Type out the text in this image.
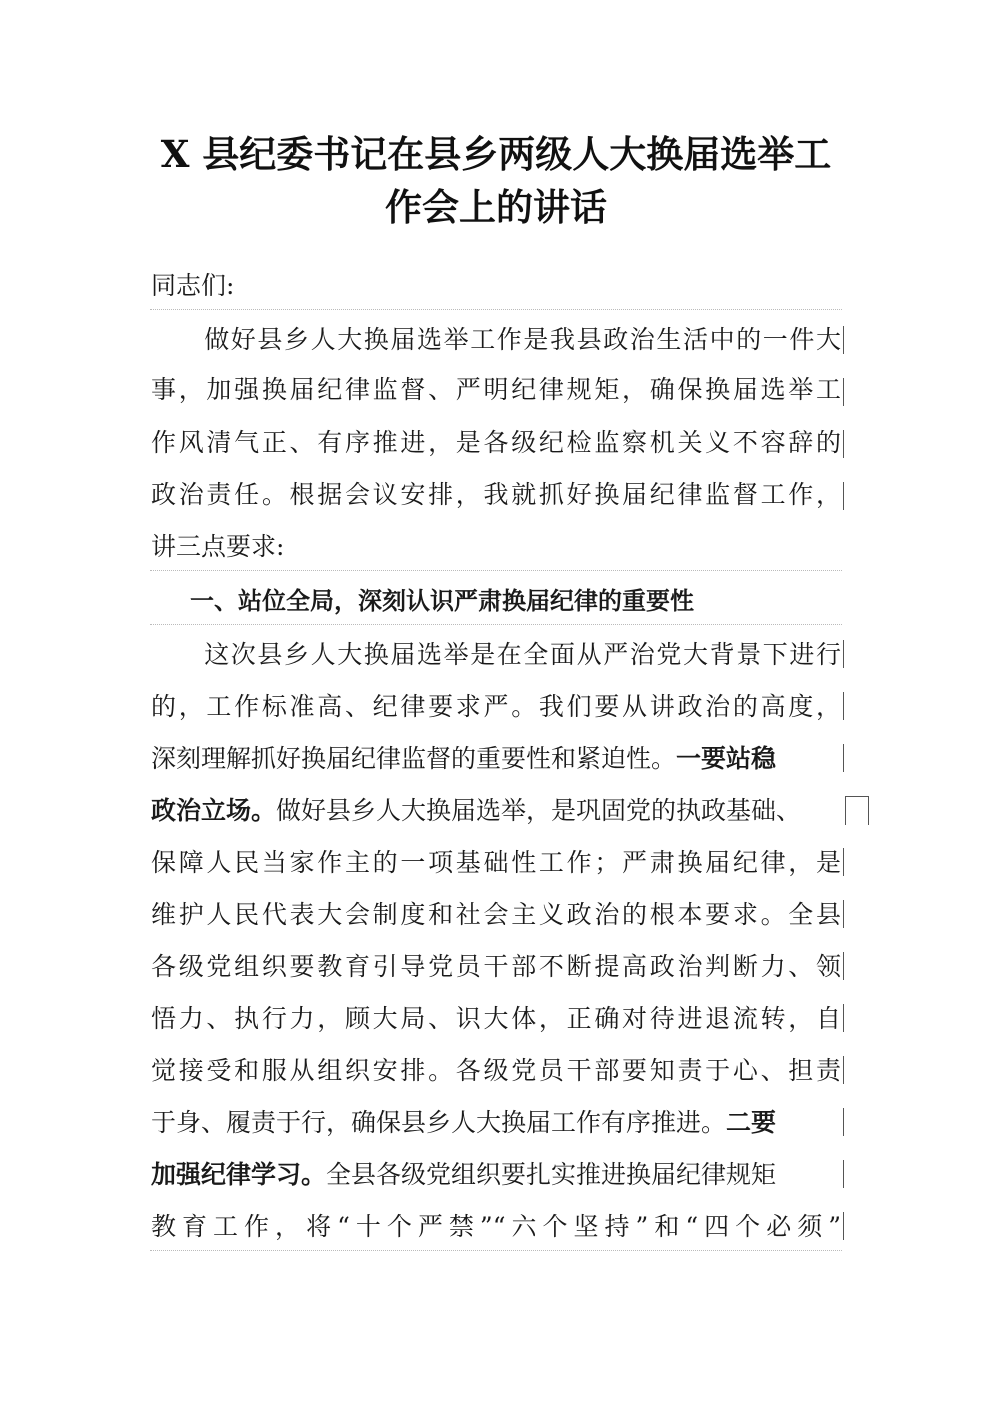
X 县纪委书记在县乡两级人大换届选举工
作会上的讲话
同志们:
　　做好县乡人大换届选举工作是我县政治生活中的一件大
事，加强换届纪律监督、严明纪律规矩，确保换届选举工
作风清气正、有序推进，是各级纪检监察机关义不容辞的
政治责任。根据会议安排，我就抓好换届纪律监督工作，
讲三点要求:
一、站位全局，深刻认识严肃换届纪律的重要性
　　这次县乡人大换届选举是在全面从严治党大背景下进行
的，工作标准高、纪律要求严。我们要从讲政治的高度，
深刻理解抓好换届纪律监督的重要性和紧迫性。一要站稳
政治立场。做好县乡人大换届选举，是巩固党的执政基础、
保障人民当家作主的一项基础性工作；严肃换届纪律，是
维护人民代表大会制度和社会主义政治的根本要求。全县
各级党组织要教育引导党员干部不断提高政治判断力、领
悟力、执行力，顾大局、识大体，正确对待进退流转，自
觉接受和服从组织安排。各级党员干部要知责于心、担责
于身、履责于行，确保县乡人大换届工作有序推进。二要
加强纪律学习。全县各级党组织要扎实推进换届纪律规矩
教育工作，将“十个严禁”“六个坚持”和“四个必须”
